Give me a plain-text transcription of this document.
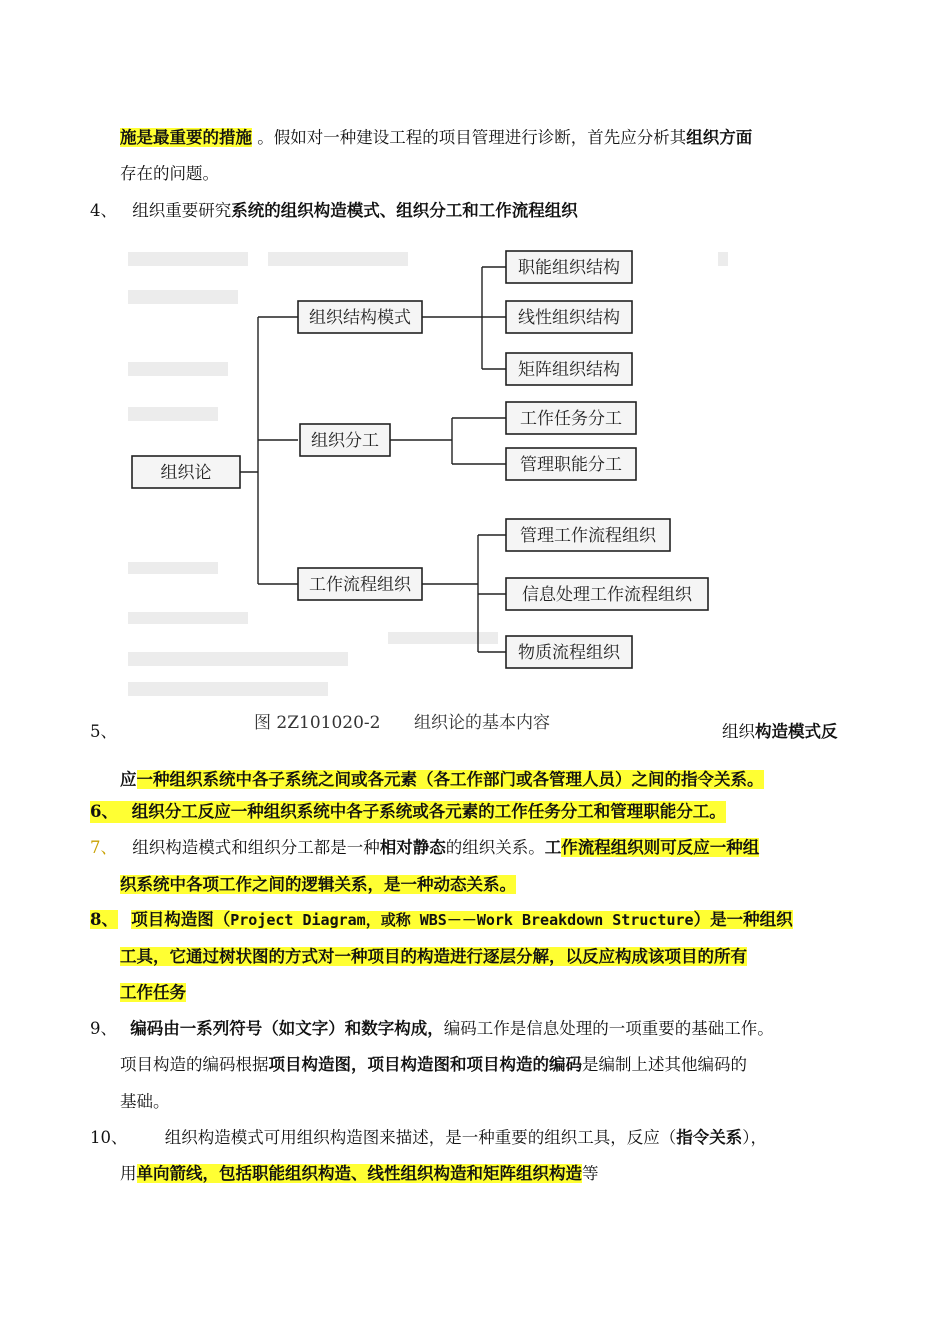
施是最重要的措施 。假如对一种建设工程的项目管理进行诊断，首先应分析其组织方面
存在的问题。
4、 组织重要研究系统的组织构造模式、组织分工和工作流程组织
组织论
组织结构模式
职能组织结构
线性组织结构
矩阵组织结构
组织分工
工作任务分工
管理职能分工
工作流程组织
管理工作流程组织
信息处理工作流程组织
物质流程组织
图 2Z101020-2 组织论的基本内容
5、	组织构造模式反
应一种组织系统中各子系统之间或各元素（各工作部门或各管理人员）之间的指令关系。
6、 组织分工反应一种组织系统中各子系统或各元素的工作任务分工和管理职能分工。
7、 组织构造模式和组织分工都是一种相对静态的组织关系。工作流程组织则可反应一种组
织系统中各项工作之间的逻辑关系，是一种动态关系。
8、 项目构造图（Project Diagram，或称 WBS－－Work Breakdown Structure）是一种组织
工具，它通过树状图的方式对一种项目的构造进行逐层分解，以反应构成该项目的所有
工作任务
9、 编码由一系列符号（如文字）和数字构成，编码工作是信息处理的一项重要的基础工作。
项目构造的编码根据项目构造图，项目构造图和项目构造的编码是编制上述其他编码的
基础。
10、 组织构造模式可用组织构造图来描述，是一种重要的组织工具，反应（指令关系），
用单向箭线，包括职能组织构造、线性组织构造和矩阵组织构造等
